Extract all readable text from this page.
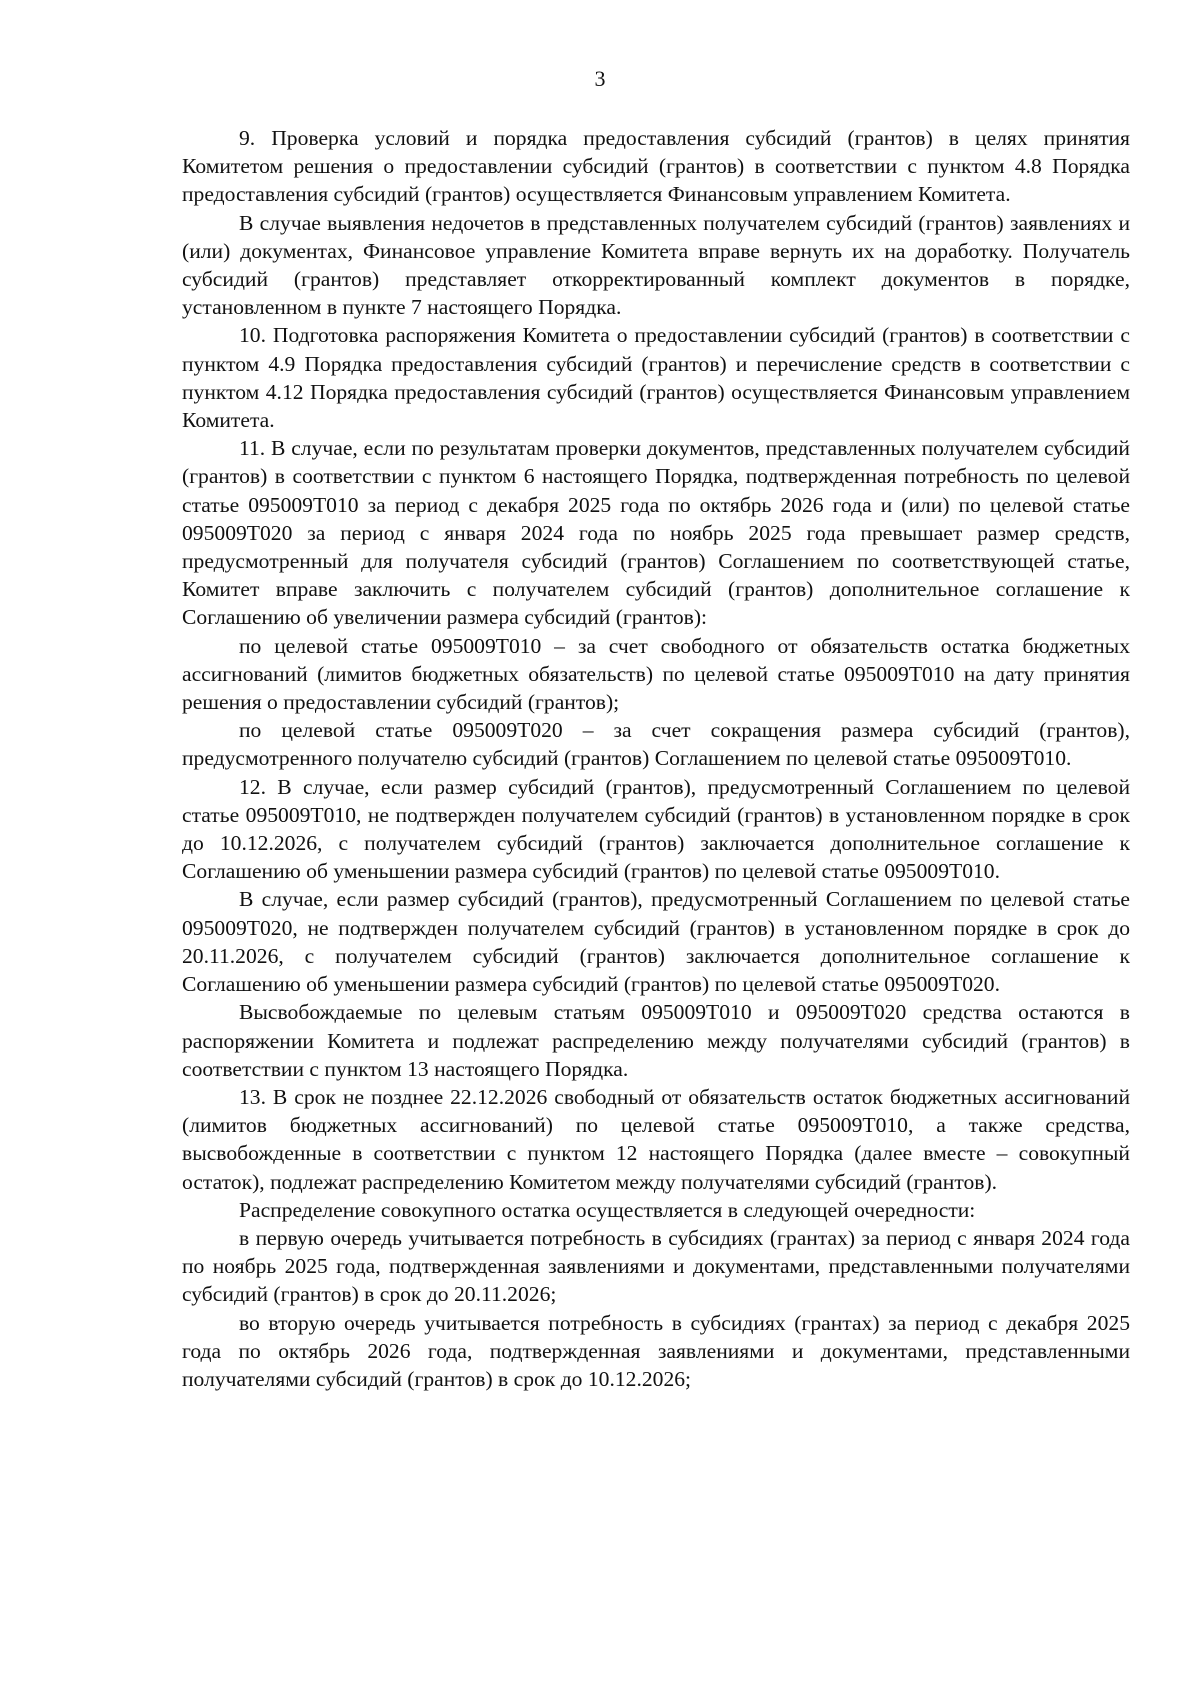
3

9. Проверка условий и порядка предоставления субсидий (грантов) в целях принятия Комитетом решения о предоставлении субсидий (грантов) в соответствии с пунктом 4.8 Порядка предоставления субсидий (грантов) осуществляется Финансовым управлением Комитета.

В случае выявления недочетов в представленных получателем субсидий (грантов) заявлениях и (или) документах, Финансовое управление Комитета вправе вернуть их на доработку. Получатель субсидий (грантов) представляет откорректированный комплект документов в порядке, установленном в пункте 7 настоящего Порядка.

10. Подготовка распоряжения Комитета о предоставлении субсидий (грантов) в соответствии с пунктом 4.9 Порядка предоставления субсидий (грантов) и перечисление средств в соответствии с пунктом 4.12 Порядка предоставления субсидий (грантов) осуществляется Финансовым управлением Комитета.

11. В случае, если по результатам проверки документов, представленных получателем субсидий (грантов) в соответствии с пунктом 6 настоящего Порядка, подтвержденная потребность по целевой статье 095009Т010 за период с декабря 2025 года по октябрь 2026 года и (или) по целевой статье 095009Т020 за период с января 2024 года по ноябрь 2025 года превышает размер средств, предусмотренный для получателя субсидий (грантов) Соглашением по соответствующей статье, Комитет вправе заключить с получателем субсидий (грантов) дополнительное соглашение к Соглашению об увеличении размера субсидий (грантов):

по целевой статье 095009Т010 – за счет свободного от обязательств остатка бюджетных ассигнований (лимитов бюджетных обязательств) по целевой статье 095009Т010 на дату принятия решения о предоставлении субсидий (грантов);

по целевой статье 095009Т020 – за счет сокращения размера субсидий (грантов), предусмотренного получателю субсидий (грантов) Соглашением по целевой статье 095009Т010.

12. В случае, если размер субсидий (грантов), предусмотренный Соглашением по целевой статье 095009Т010, не подтвержден получателем субсидий (грантов) в установленном порядке в срок до 10.12.2026, с получателем субсидий (грантов) заключается дополнительное соглашение к Соглашению об уменьшении размера субсидий (грантов) по целевой статье 095009Т010.

В случае, если размер субсидий (грантов), предусмотренный Соглашением по целевой статье 095009Т020, не подтвержден получателем субсидий (грантов) в установленном порядке в срок до 20.11.2026, с получателем субсидий (грантов) заключается дополнительное соглашение к Соглашению об уменьшении размера субсидий (грантов) по целевой статье 095009Т020.

Высвобождаемые по целевым статьям 095009Т010 и 095009Т020 средства остаются в распоряжении Комитета и подлежат распределению между получателями субсидий (грантов) в соответствии с пунктом 13 настоящего Порядка.

13. В срок не позднее 22.12.2026 свободный от обязательств остаток бюджетных ассигнований (лимитов бюджетных ассигнований) по целевой статье 095009Т010, а также средства, высвобожденные в соответствии с пунктом 12 настоящего Порядка (далее вместе – совокупный остаток), подлежат распределению Комитетом между получателями субсидий (грантов).

Распределение совокупного остатка осуществляется в следующей очередности:

в первую очередь учитывается потребность в субсидиях (грантах) за период с января 2024 года по ноябрь 2025 года, подтвержденная заявлениями и документами, представленными получателями субсидий (грантов) в срок до 20.11.2026;

во вторую очередь учитывается потребность в субсидиях (грантах) за период с декабря 2025 года по октябрь 2026 года, подтвержденная заявлениями и документами, представленными получателями субсидий (грантов) в срок до 10.12.2026;
